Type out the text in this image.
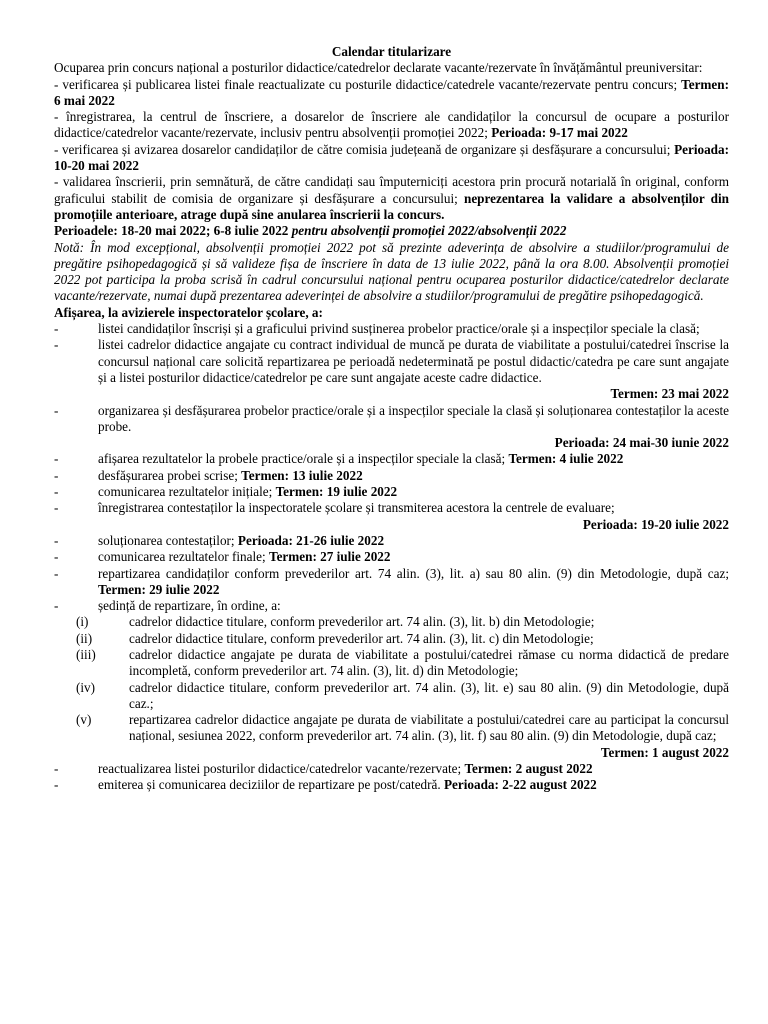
Calendar titularizare

Ocuparea prin concurs național a posturilor didactice/catedrelor declarate vacante/rezervate în învățământul preuniversitar:

- verificarea și publicarea listei finale reactualizate cu posturile didactice/catedrele vacante/rezervate pentru concurs; Termen: 6 mai 2022

- înregistrarea, la centrul de înscriere, a dosarelor de înscriere ale candidaților la concursul de ocupare a posturilor didactice/catedrelor vacante/rezervate, inclusiv pentru absolvenții promoției 2022; Perioada: 9-17 mai 2022

- verificarea și avizarea dosarelor candidaților de către comisia județeană de organizare și desfășurare a concursului; Perioada: 10-20 mai 2022

- validarea înscrierii, prin semnătură, de către candidați sau împuterniciți acestora prin procură notarială în original, conform graficului stabilit de comisia de organizare și desfășurare a concursului; neprezentarea la validare a absolvenților din promoțiile anterioare, atrage după sine anularea înscrierii la concurs.

Perioadele: 18-20 mai 2022; 6-8 iulie 2022 pentru absolvenții promoției 2022/absolvenții 2022

Notă: În mod excepțional, absolvenții promoției 2022 pot să prezinte adeverința de absolvire a studiilor/programului de pregătire psihopedagogică și să valideze fișa de înscriere în data de 13 iulie 2022, până la ora 8.00. Absolvenții promoției 2022 pot participa la proba scrisă în cadrul concursului național pentru ocuparea posturilor didactice/catedrelor declarate vacante/rezervate, numai după prezentarea adeverinței de absolvire a studiilor/programului de pregătire psihopedagogică.

Afișarea, la avizierele inspectoratelor școlare, a:

-	listei candidaților înscriși și a graficului privind susținerea probelor practice/orale și a inspecților speciale la clasă;

-	listei cadrelor didactice angajate cu contract individual de muncă pe durata de viabilitate a postului/catedrei înscrise la concursul național care solicită repartizarea pe perioadă nedeterminată pe postul didactic/catedra pe care sunt angajate și a listei posturilor didactice/catedrelor pe care sunt angajate aceste cadre didactice.

Termen: 23 mai 2022

-	organizarea și desfășurarea probelor practice/orale și a inspecților speciale la clasă și soluționarea contestaților la aceste probe.

Perioada: 24 mai-30 iunie 2022

-	afișarea rezultatelor la probele practice/orale și a inspecților speciale la clasă; Termen: 4 iulie 2022

-	desfășurarea probei scrise; Termen: 13 iulie 2022

-	comunicarea rezultatelor inițiale; Termen: 19 iulie 2022

-	înregistrarea contestaților la inspectoratele școlare și transmiterea acestora la centrele de evaluare;

Perioada: 19-20 iulie 2022

-	soluționarea contestaților; Perioada: 21-26 iulie 2022

-	comunicarea rezultatelor finale; Termen: 27 iulie 2022

-	repartizarea candidaților conform prevederilor art. 74 alin. (3), lit. a) sau 80 alin. (9) din Metodologie, după caz; Termen: 29 iulie 2022

-	ședință de repartizare, în ordine, a:

(i)	cadrelor didactice titulare, conform prevederilor art. 74 alin. (3), lit. b) din Metodologie;

(ii)	cadrelor didactice titulare, conform prevederilor art. 74 alin. (3), lit. c) din Metodologie;

(iii)	cadrelor didactice angajate pe durata de viabilitate a postului/catedrei rămase cu norma didactică de predare incompletă, conform prevederilor art. 74 alin. (3), lit. d) din Metodologie;

(iv)	cadrelor didactice titulare, conform prevederilor art. 74 alin. (3), lit. e) sau 80 alin. (9) din Metodologie, după caz.;

(v)	repartizarea cadrelor didactice angajate pe durata de viabilitate a postului/catedrei care au participat la concursul național, sesiunea 2022, conform prevederilor art. 74 alin. (3), lit. f) sau 80 alin. (9) din Metodologie, după caz;

Termen: 1 august 2022

-	reactualizarea listei posturilor didactice/catedrelor vacante/rezervate; Termen: 2 august 2022

-	emiterea și comunicarea deciziilor de repartizare pe post/catedră. Perioada: 2-22 august 2022
